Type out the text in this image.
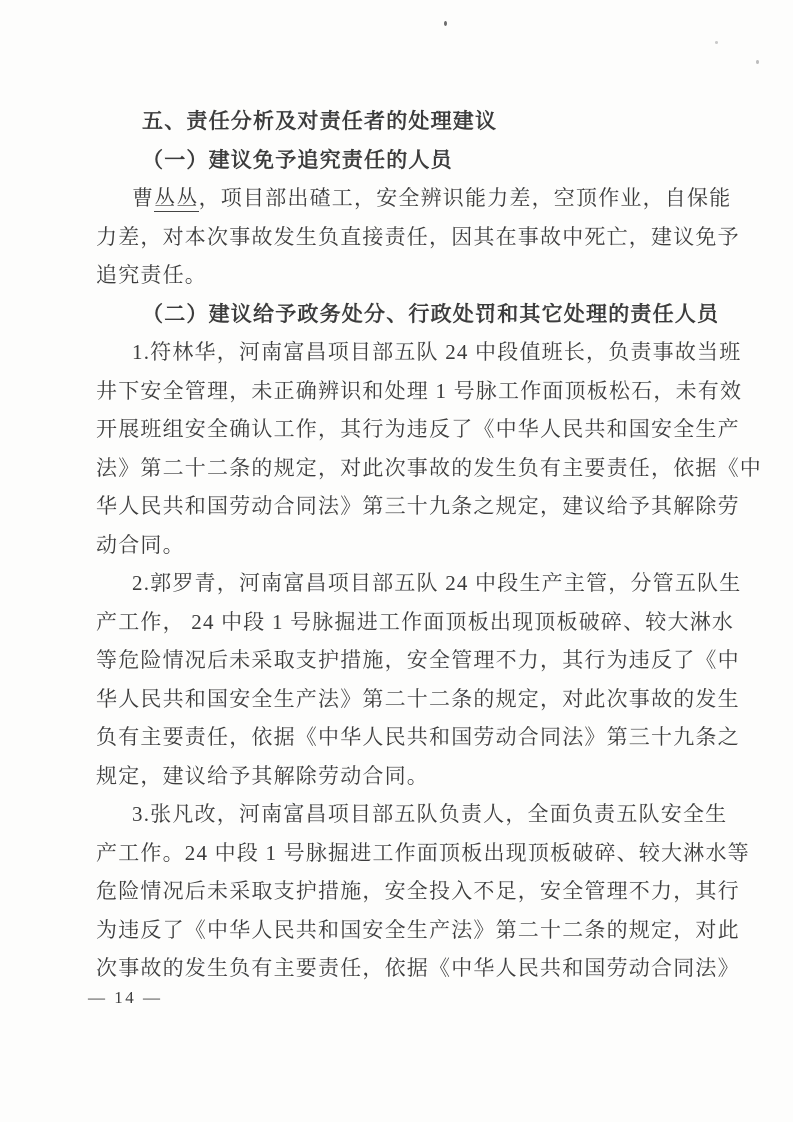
五、责任分析及对责任者的处理建议
（一）建议免予追究责任的人员
曹丛丛，项目部出碴工，安全辨识能力差，空顶作业，自保能
力差，对本次事故发生负直接责任，因其在事故中死亡，建议免予
追究责任。
（二）建议给予政务处分、行政处罚和其它处理的责任人员
1.符林华，河南富昌项目部五队 24 中段值班长，负责事故当班
井下安全管理，未正确辨识和处理 1 号脉工作面顶板松石，未有效
开展班组安全确认工作，其行为违反了《中华人民共和国安全生产
法》第二十二条的规定，对此次事故的发生负有主要责任，依据《中
华人民共和国劳动合同法》第三十九条之规定，建议给予其解除劳
动合同。
2.郭罗青，河南富昌项目部五队 24 中段生产主管，分管五队生
产工作， 24 中段 1 号脉掘进工作面顶板出现顶板破碎、较大淋水
等危险情况后未采取支护措施，安全管理不力，其行为违反了《中
华人民共和国安全生产法》第二十二条的规定，对此次事故的发生
负有主要责任，依据《中华人民共和国劳动合同法》第三十九条之
规定，建议给予其解除劳动合同。
3.张凡改，河南富昌项目部五队负责人，全面负责五队安全生
产工作。24 中段 1 号脉掘进工作面顶板出现顶板破碎、较大淋水等
危险情况后未采取支护措施，安全投入不足，安全管理不力，其行
为违反了《中华人民共和国安全生产法》第二十二条的规定，对此
次事故的发生负有主要责任，依据《中华人民共和国劳动合同法》
— 14 —
